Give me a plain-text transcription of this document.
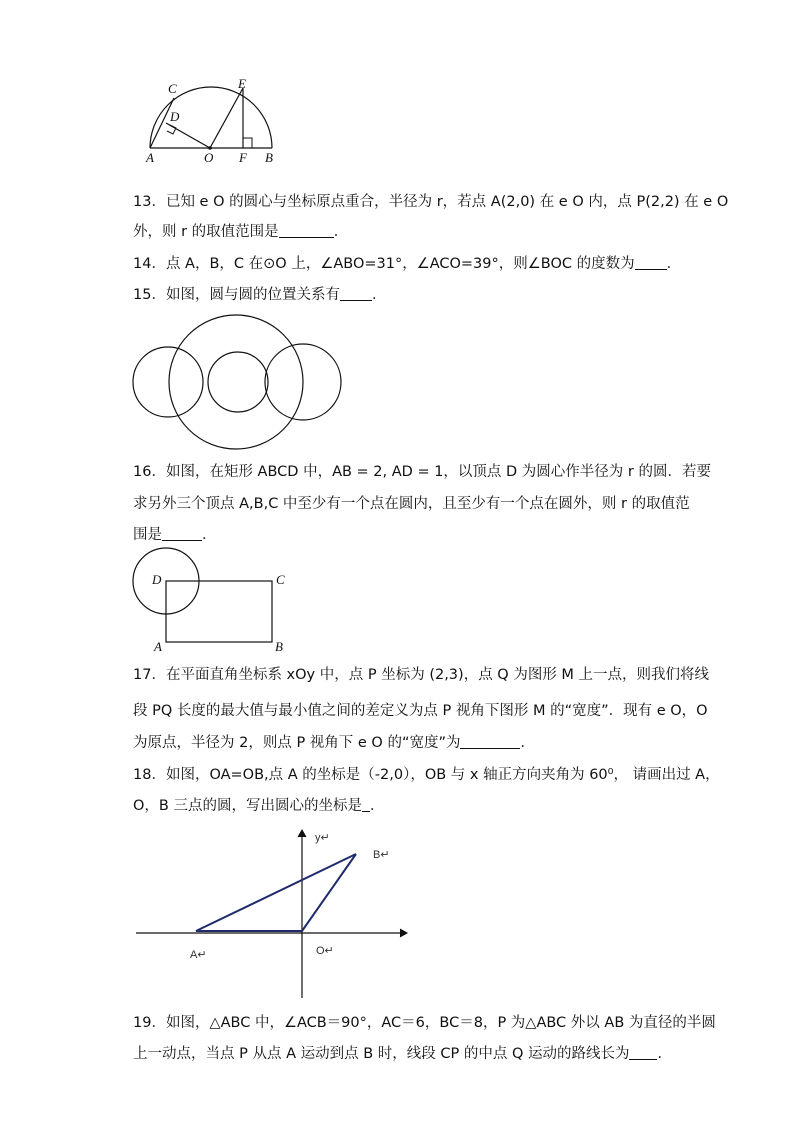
C
D
E
A	O F B
13．已知 e O 的圆心与坐标原点重合，半径为 r，若点 A(2,0) 在 e O 内，点 P(2,2) 在 e O
外，则 r 的取值范围是	．
14．点 A，B，C 在⊙O 上，∠ABO=31°，∠ACO=39°，则∠BOC 的度数为 ．
15．如图，圆与圆的位置关系有 ．
16．如图，在矩形 ABCD 中，AB = 2, AD = 1，以顶点 D 为圆心作半径为 r 的圆．若要
求另外三个顶点 A,B,C 中至少有一个点在圆内，且至少有一个点在圆外，则 r 的取值范
围是	．
D	C
A	B
17．在平面直角坐标系 xOy 中，点 P 坐标为 (2,3)，点 Q 为图形 M 上一点，则我们将线
段 PQ 长度的最大值与最小值之间的差定义为点 P 视角下图形 M 的“宽度”．现有 e O，O
为原点，半径为 2，则点 P 视角下 e O 的“宽度”为	．
18．如图，OA=OB,点 A 的坐标是（-2,0），OB 与 x 轴正方向夹角为 60⁰， 请画出过 A，
O，B 三点的圆，写出圆心的坐标是 ．
y↵
B↵
A↵	O↵
19．如图，△ABC 中，∠ACB＝90°，AC＝6，BC＝8，P 为△ABC 外以 AB 为直径的半圆
上一动点，当点 P 从点 A 运动到点 B 时，线段 CP 的中点 Q 运动的路线长为 ．
